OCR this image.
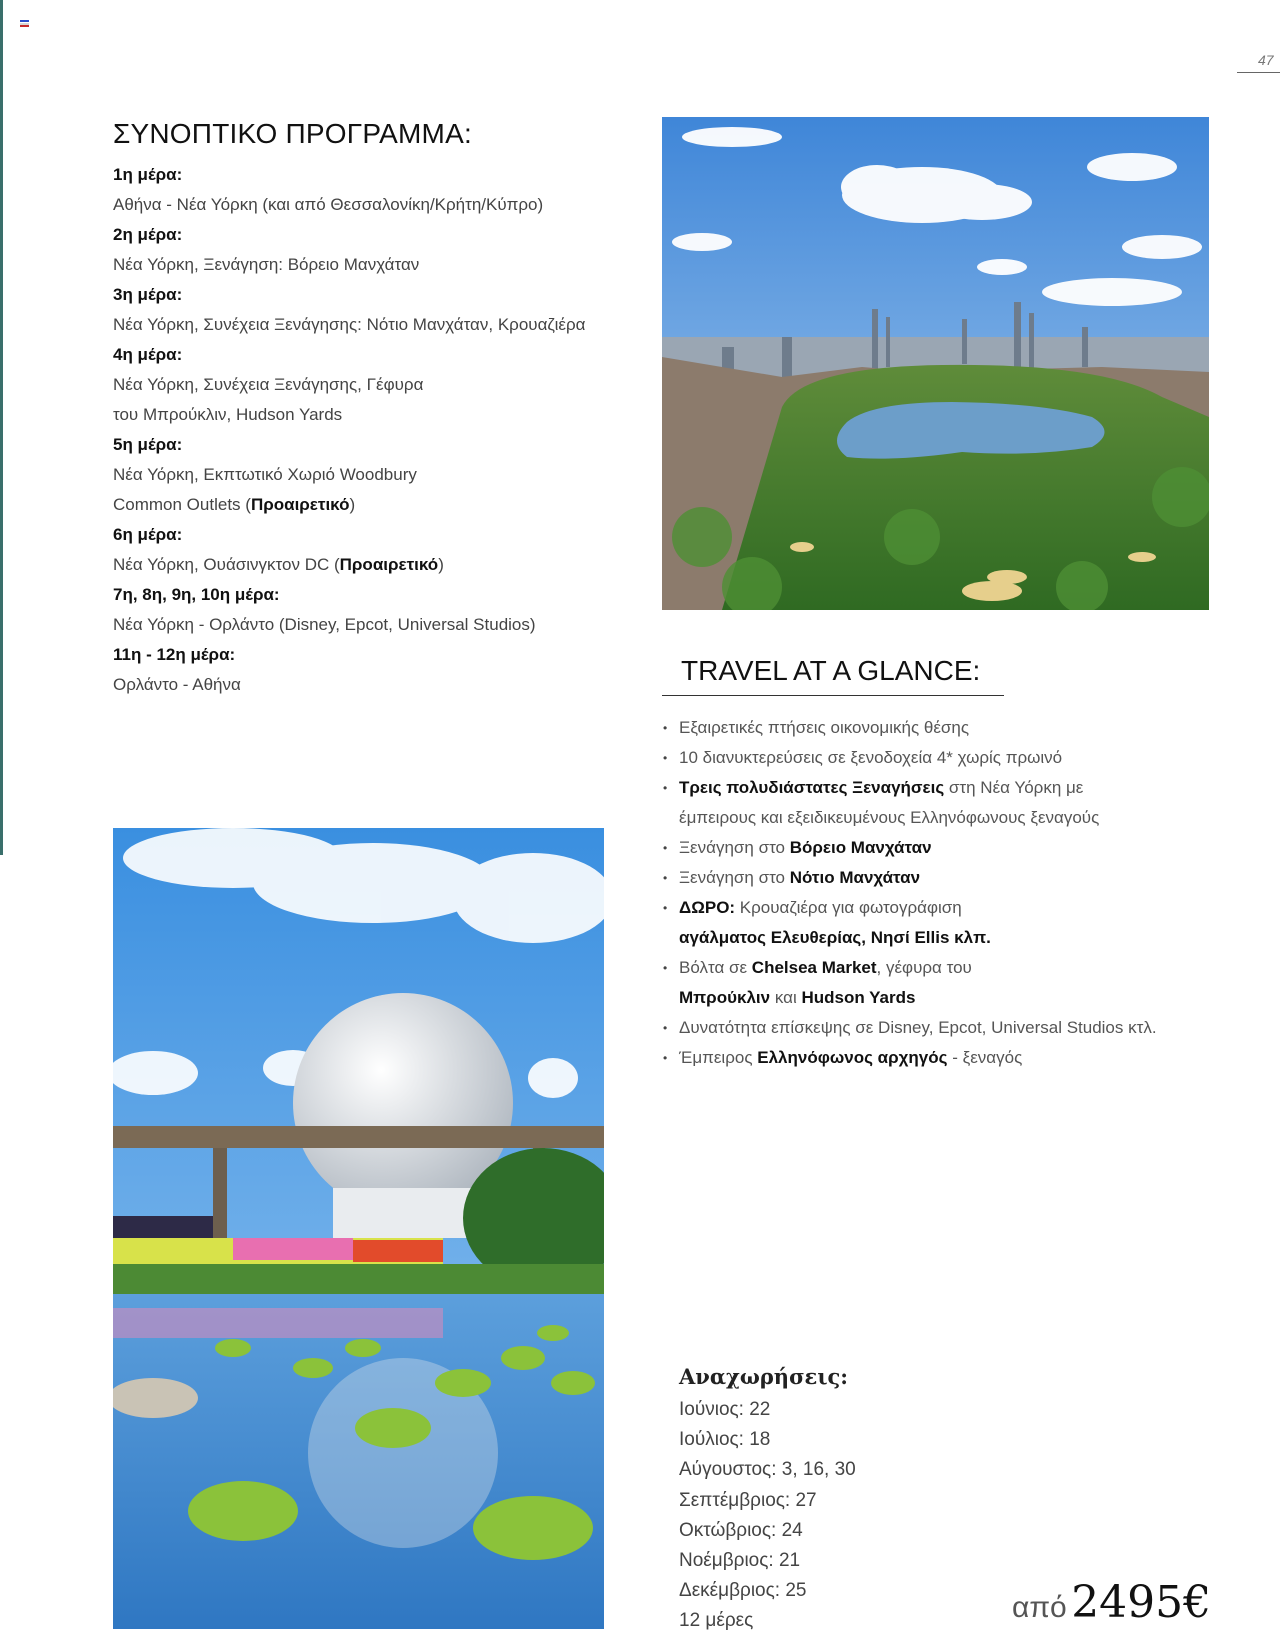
47
ΣΥΝΟΠΤΙΚΟ ΠΡΟΓΡΑΜΜΑ:
1η μέρα:
Αθήνα - Νέα Υόρκη (και από Θεσσαλονίκη/Κρήτη/Κύπρο)
2η μέρα:
Νέα Υόρκη, Ξενάγηση: Βόρειο Μανχάταν
3η μέρα:
Νέα Υόρκη, Συνέχεια Ξενάγησης: Νότιο Μανχάταν, Κρουαζιέρα
4η μέρα:
Νέα Υόρκη, Συνέχεια Ξενάγησης, Γέφυρα
του Μπρούκλιν, Hudson Yards
5η μέρα:
Νέα Υόρκη, Εκπτωτικό Χωριό Woodbury
Common Outlets (Προαιρετικό)
6η μέρα:
Νέα Υόρκη, Ουάσινγκτον DC (Προαιρετικό)
7η, 8η, 9η, 10η μέρα:
Νέα Υόρκη - Ορλάντο (Disney, Epcot, Universal Studios)
11η - 12η μέρα:
Ορλάντο - Αθήνα	TRAVEL AT A GLANCE:
• Εξαιρετικές πτήσεις οικονομικής θέσης
• 10 διανυκτερεύσεις σε ξενοδοχεία 4* χωρίς πρωινό
• Τρεις πολυδιάστατες Ξεναγήσεις στη Νέα Υόρκη με
έμπειρους και εξειδικευμένους Ελληνόφωνους ξεναγούς
• Ξενάγηση στο Βόρειο Μανχάταν
• Ξενάγηση στο Νότιο Μανχάταν
• ΔΩΡΟ: Κρουαζιέρα για φωτογράφιση
αγάλματος Ελευθερίας, Νησί Ellis κλπ.
• Βόλτα σε Chelsea Market, γέφυρα του
Μπρούκλιν και Hudson Yards
• Δυνατότητα επίσκεψης σε Disney, Epcot, Universal Studios κτλ.
• Έμπειρος Ελληνόφωνος αρχηγός - ξεναγός
Αναχωρήσεις:
Ιούνιος: 22
Ιούλιος: 18
Αύγουστος: 3, 16, 30
Σεπτέμβριος: 27
Οκτώβριος: 24
Νοέμβριος: 21
Δεκέμβριος: 25
12 μέρες	από 2495€
